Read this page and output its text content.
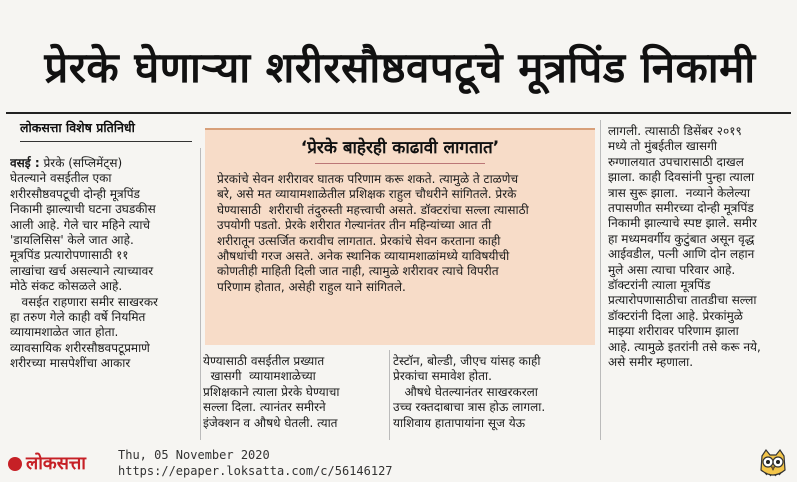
प्रेरके घेणाऱ्या शरीरसौष्ठवपटूचे मूत्रपिंड निकामी
लोकसत्ता विशेष प्रतिनिधी
वसई : प्रेरके (सप्लिमेंट्स)
घेतल्याने वसईतील एका
शरीरसौष्ठवपटूची दोन्ही मूत्रपिंड
निकामी झाल्याची घटना उघडकीस
आली आहे. गेले चार महिने त्याचे
'डायलिसिस' केले जात आहे.
मूत्रपिंड प्रत्यारोपणासाठी ११
लाखांचा खर्च असल्याने त्याच्यावर
मोठे संकट कोसळले आहे.
वसईत राहणारा समीर साखरकर
हा तरुण गेले काही वर्षे नियमित
व्यायामशाळेत जात होता.
व्यावसायिक शरीरसौष्ठवपटूप्रमाणे
शरीरच्या मासपेशींचा आकार
‘प्रेरके बाहेरही काढावी लागतात’
प्रेरकांचे सेवन शरीरावर घातक परिणाम करू शकते. त्यामुळे ते टाळणेच
बरे, असे मत व्यायामशाळेतील प्रशिक्षक राहुल चौधरीने सांगितले. प्रेरके
घेण्यासाठी  शरीराची तंदुरुस्ती महत्त्वाची असते. डॉक्टरांचा सल्ला त्यासाठी
उपयोगी पडतो. प्रेरके शरीरात गेल्यानंतर तीन महिन्यांच्या आत ती
शरीरातून उत्सर्जित करावीच लागतात. प्रेरकांचे सेवन करताना काही
औषधांची गरज असते. अनेक स्थानिक व्यायामशाळांमध्ये याविषयीची
कोणतीही माहिती दिली जात नाही, त्यामुळे शरीरावर त्याचे विपरीत
परिणाम होतात, असेही राहुल याने सांगितले.
येण्यासाठी वसईतील प्रख्यात
खासगी  व्यायामशाळेच्या
प्रशिक्षकाने त्याला प्रेरके घेण्याचा
सल्ला दिला. त्यानंतर समीरने
इंजेक्शन व औषधे घेतली. त्यात
टेस्टॉन, बोल्डी, जीएच यांसह काही
प्रेरकांचा समावेश होता.
औषधे घेतल्यानंतर साखरकरला
उच्च रक्तदाबाचा त्रास होऊ लागला.
याशिवाय हातापायांना सूज येऊ
लागली. त्यासाठी डिसेंबर २०१९
मध्ये तो मुंबईतील खासगी
रुग्णालयात उपचारासाठी दाखल
झाला. काही दिवसांनी पुन्हा त्याला
त्रास सुरू झाला.  नव्याने केलेल्या
तपासणीत समीरच्या दोन्ही मूत्रपिंड
निकामी झाल्याचे स्पष्ट झाले. समीर
हा मध्यमवर्गीय कुटुंबात असून वृद्ध
आईवडील, पत्नी आणि दोन लहान
मुले असा त्याचा परिवार आहे.
डॉक्टरांनी त्याला मूत्रपिंड
प्रत्यारोपणासाठीचा तातडीचा सल्ला
डॉक्टरांनी दिला आहे. प्रेरकांमुळे
माझ्या शरीरावर परिणाम झाला
आहे. त्यामुळे इतरांनी तसे करू नये,
असे समीर म्हणाला.
लोकसत्ता	Thu, 05 November 2020
https://epaper.loksatta.com/c/56146127
